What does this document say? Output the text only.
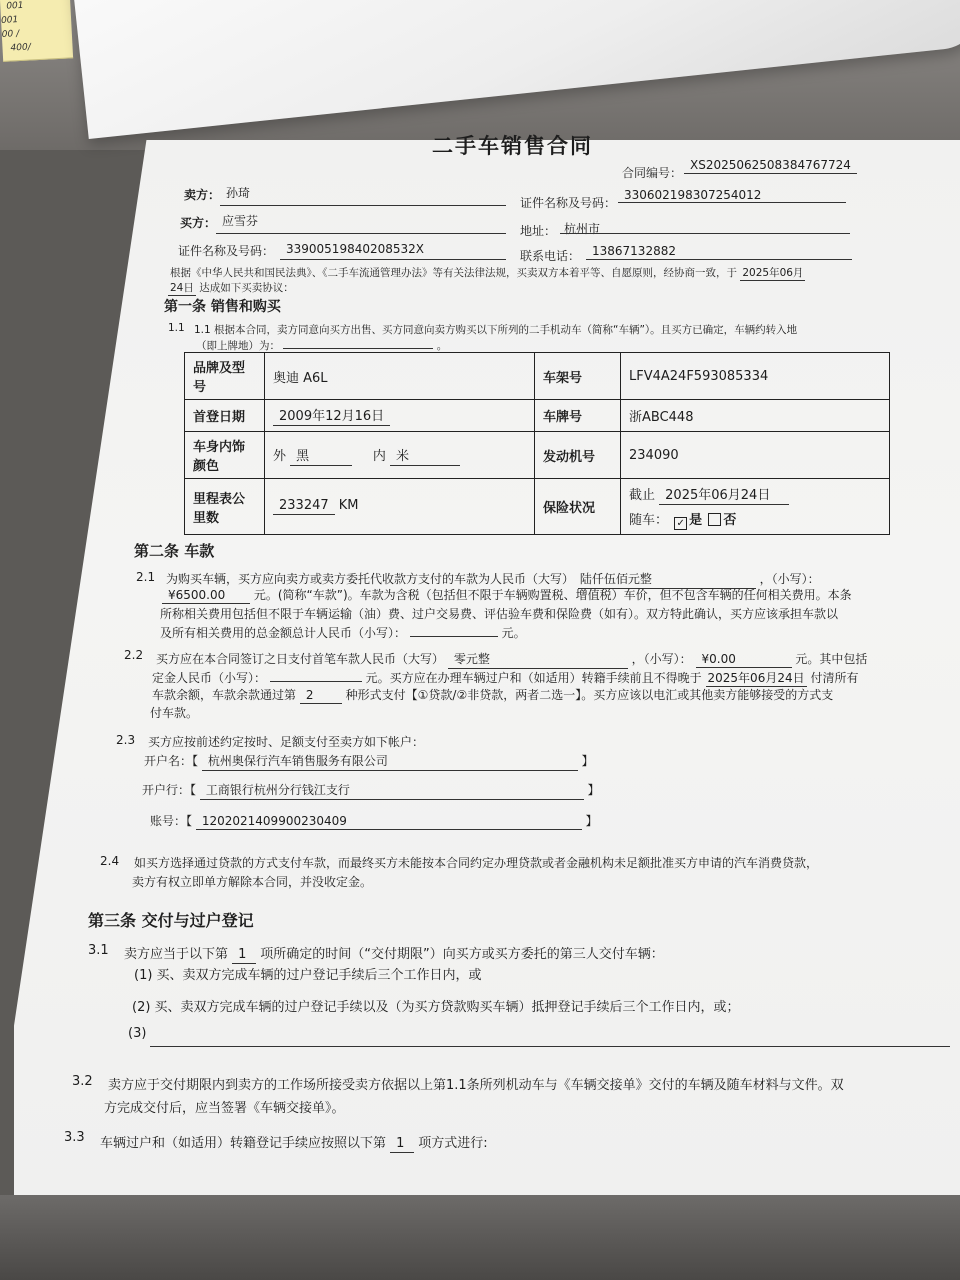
001
001
00 /
400/
二手车销售合同
合同编号：
XS2025062508384767724
卖方： 孙琦
证件名称及号码：
330602198307254012
买方： 应雪芬
地址： 杭州市
证件名称及号码： 33900519840208532X	联系电话： 13867132882
根据《中华人民共和国民法典》、《二手车流通管理办法》等有关法律法规，买卖双方本着平等、自愿原则，经协商一致，于 2025年06月
24日 达成如下买卖协议：
第一条 销售和购买
1.1 1.1 根据本合同，卖方同意向买方出售、买方同意向卖方购买以下所列的二手机动车（简称“车辆”）。且买方已确定，车辆约转入地
（即上牌地）为：	。
品牌及型号	奥迪 A6L	车架号	LFV4A24F593085334
首登日期	2009年12月16日	车牌号	浙ABC448
车身内饰颜色	外 黑 内 米	发动机号	234090
里程表公里数	233247 KM	保险状况	截止 2025年06月24日
随车： ✓ 是 否
第二条 车款
2.1 为购买车辆，买方应向卖方或卖方委托代收款方支付的车款为人民币（大写） 陆仟伍佰元整	，（小写）：
¥6500.00 元。(简称“车款”)。车款为含税（包括但不限于车辆购置税、增值税）车价，但不包含车辆的任何相关费用。本条
所称相关费用包括但不限于车辆运输（油）费、过户交易费、评估验车费和保险费（如有）。双方特此确认，买方应该承担车款以
及所有相关费用的总金额总计人民币（小写）：	元。
2.2 买方应在本合同签订之日支付首笔车款人民币（大写） 零元整	，（小写）： ¥0.00	元。其中包括
定金人民币（小写）：	元。买方应在办理车辆过户和（如适用）转籍手续前且不得晚于 2025年06月24日 付清所有
车款余额，车款余款通过第 2	种形式支付【①贷款/②非贷款，两者二选一】。买方应该以电汇或其他卖方能够接受的方式支
付车款。
2.3 买方应按前述约定按时、足额支付至卖方如下帐户：
开户名：【 杭州奥保行汽车销售服务有限公司	】
开户行：【 工商银行杭州分行钱江支行	】
账号：【 1202021409900230409	】
2.4 如买方选择通过贷款的方式支付车款，而最终买方未能按本合同约定办理贷款或者金融机构未足额批准买方申请的汽车消费贷款，
卖方有权立即单方解除本合同，并没收定金。
第三条 交付与过户登记
3.1 卖方应当于以下第 1 项所确定的时间（“交付期限”）向买方或买方委托的第三人交付车辆：
(1) 买、卖双方完成车辆的过户登记手续后三个工作日内，或
(2) 买、卖双方完成车辆的过户登记手续以及（为买方贷款购买车辆）抵押登记手续后三个工作日内，或；
(3)
3.2 卖方应于交付期限内到卖方的工作场所接受卖方依据以上第1.1条所列机动车与《车辆交接单》交付的车辆及随车材料与文件。双
方完成交付后，应当签署《车辆交接单》。
3.3 车辆过户和（如适用）转籍登记手续应按照以下第 1 项方式进行:
